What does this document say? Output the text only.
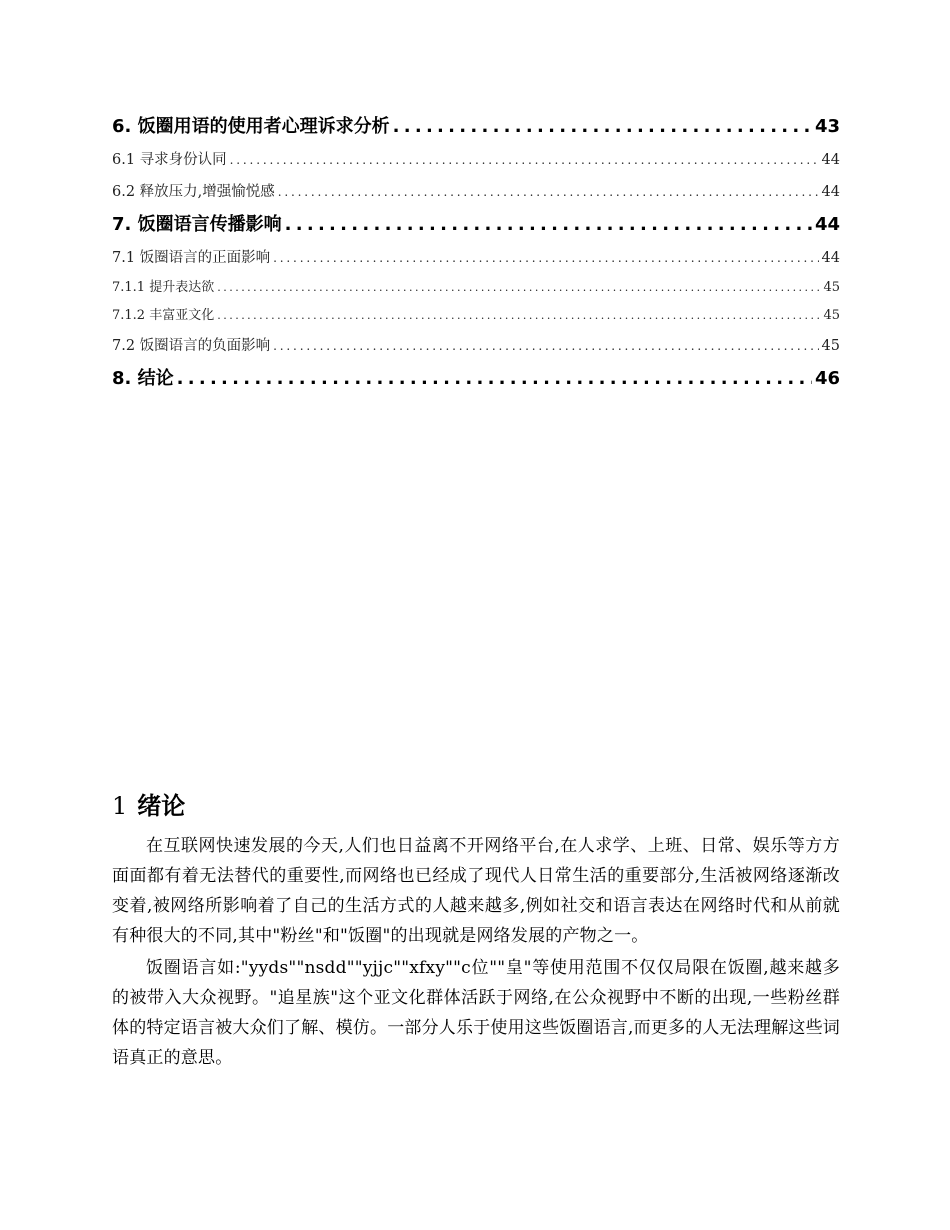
6. 饭圈用语的使用者心理诉求分析 . . .	43
6.1 寻求身份认同 . . .	44
6.2 释放压力,增强愉悦感 . . .	44
7. 饭圈语言传播影响 . . .	44
7.1 饭圈语言的正面影响 . . .	44
7.1.1 提升表达欲 . . .	45
7.1.2 丰富亚文化 . . .	45
7.2 饭圈语言的负面影响 . . .	45
8. 结论 . . .	46
1 绪论

在互联网快速发展的今天,人们也日益离不开网络平台,在人求学、上班、日常、娱乐等方方面面都有着无法替代的重要性,而网络也已经成了现代人日常生活的重要部分,生活被网络逐渐改变着,被网络所影响着了自己的生活方式的人越来越多,例如社交和语言表达在网络时代和从前就有种很大的不同,其中"粉丝"和"饭圈"的出现就是网络发展的产物之一。

饭圈语言如:"yyds""nsdd""yjjc""xfxy""c位""皇"等使用范围不仅仅局限在饭圈,越来越多的被带入大众视野。"追星族"这个亚文化群体活跃于网络,在公众视野中不断的出现,一些粉丝群体的特定语言被大众们了解、模仿。一部分人乐于使用这些饭圈语言,而更多的人无法理解这些词语真正的意思。
